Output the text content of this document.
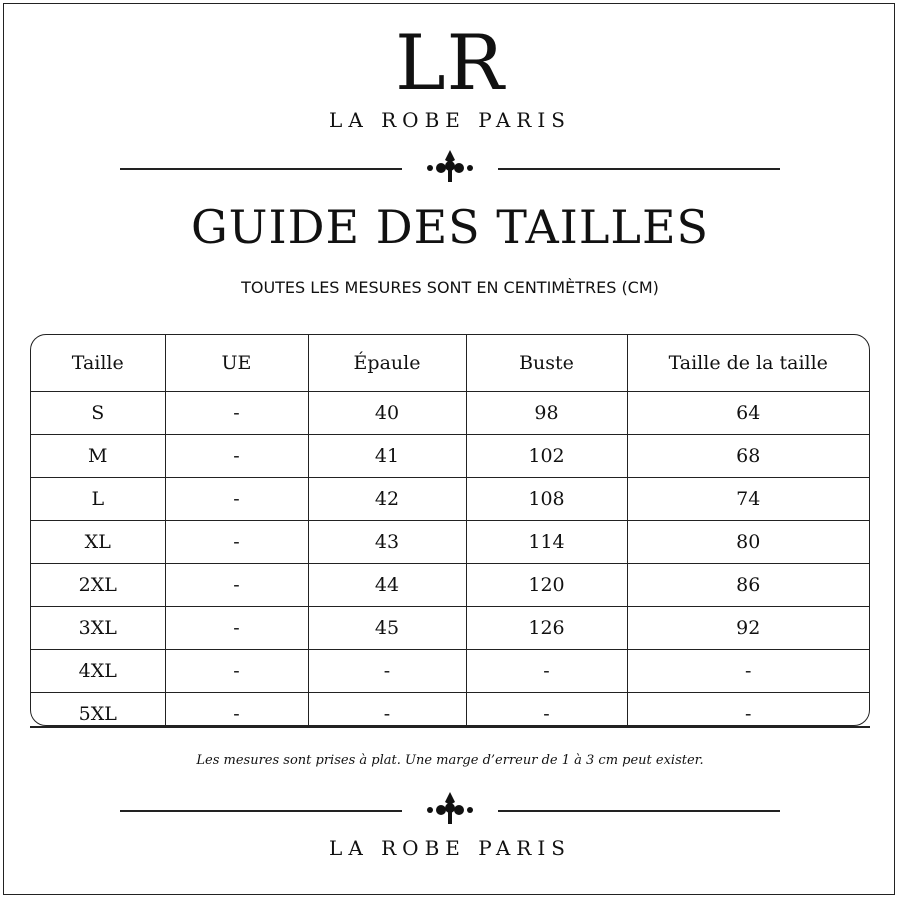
LR
LA ROBE PARIS
GUIDE DES TAILLES
TOUTES LES MESURES SONT EN CENTIMÈTRES (CM)
Taille	UE	Épaule	Buste	Taille de la taille
S	-	40	98	64
M	-	41	102	68
L	-	42	108	74
XL	-	43	114	80
2XL	-	44	120	86
3XL	-	45	126	92
4XL	-	-	-	-
5XL	-	-	-	-
Les mesures sont prises à plat. Une marge d’erreur de 1 à 3 cm peut exister.
LA ROBE PARIS
